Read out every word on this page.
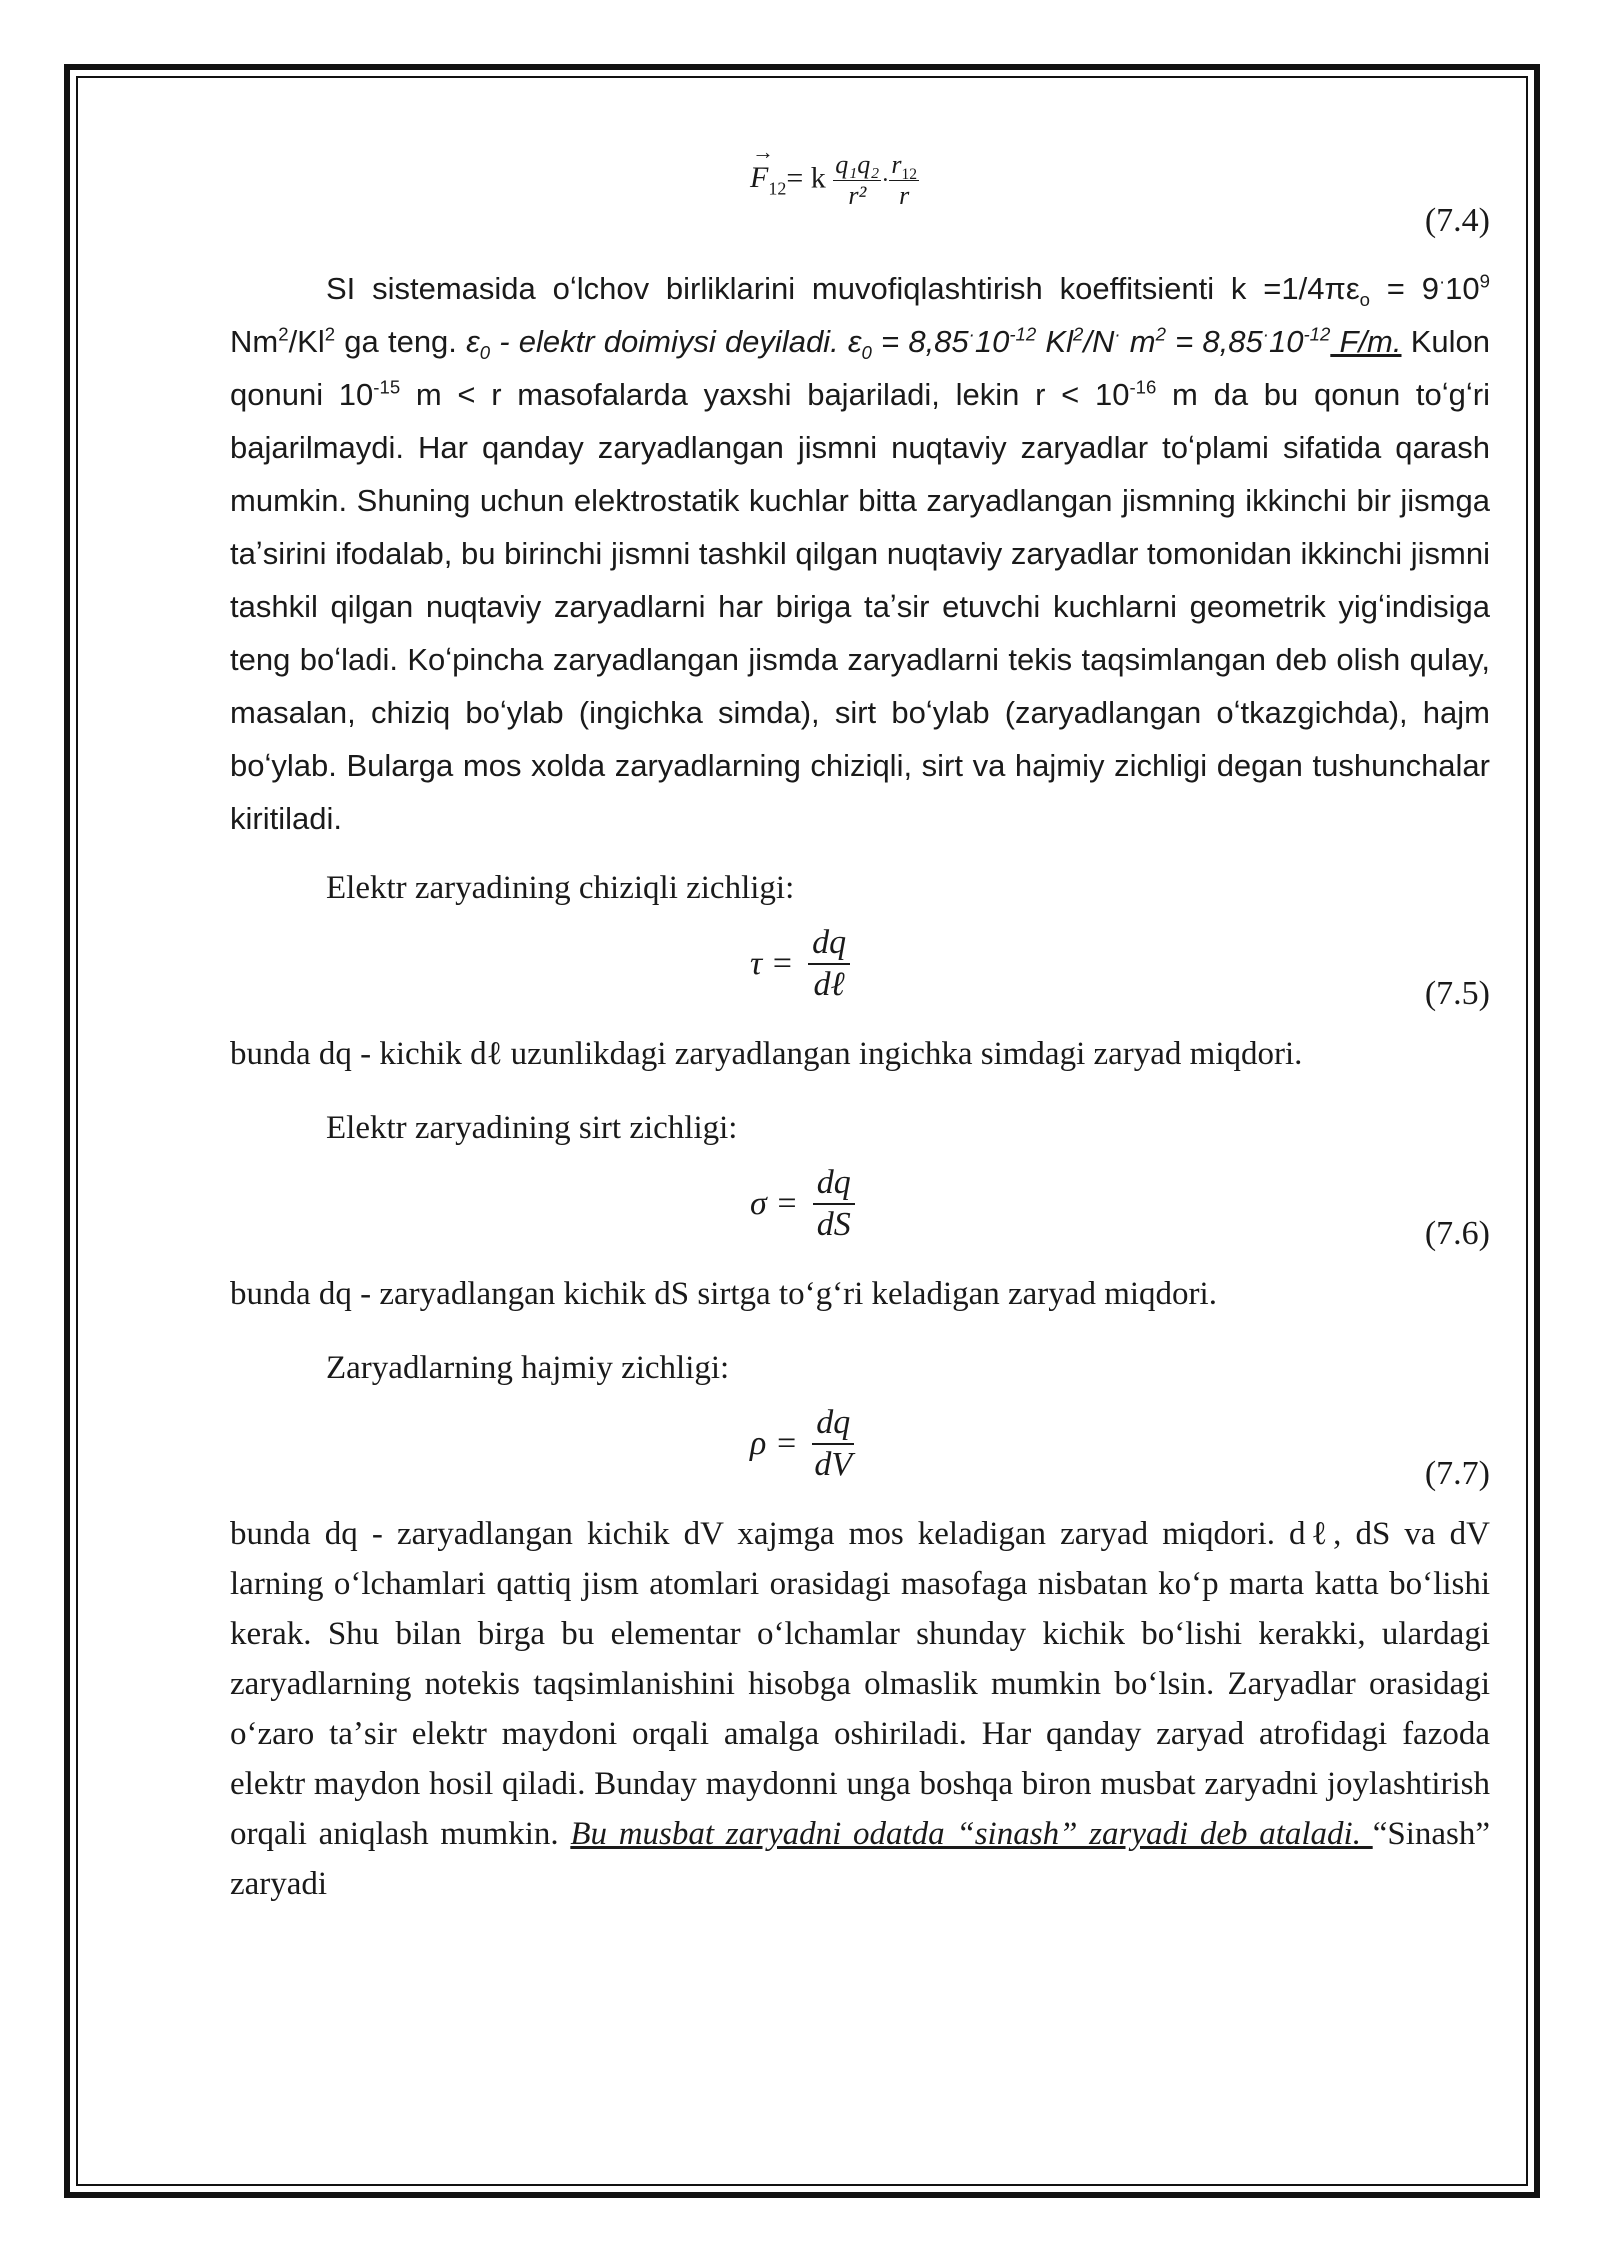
→
$F_{12}= k \frac{\text{q₁q₂}}{\text{r²}} \cdot \frac{r_{12}}{r}$
(7.4)

SI sistemasida oʻlchov birliklarini muvofiqlashtirish koeffitsienti $k =1/4\pi\varepsilon_o = 9^\cdot 10^9$ Nm$^2$/Kl$^2$ ga teng. $\varepsilon_0$ - elektr doimiysi deyiladi. $\varepsilon_0 = 8,85^\cdot 10^{-12}$ Kl$^2$/N· $m^2 = 8,85^\cdot 10^{-12}$ F/m. Kulon qonuni $10^{-15}$ m < r masofalarda yaxshi bajariladi, lekin $r < 10^{-16}$ m da bu qonun toʻgʻri bajarilmaydi. Har qanday zaryadlangan jismni nuqtaviy zaryadlar toʻplami sifatida qarash mumkin. Shuning uchun elektrostatik kuchlar bitta zaryadlangan jismning ikkinchi bir jismga taʼsirini ifodalab, bu birinchi jismni tashkil qilgan nuqtaviy zaryadlar tomonidan ikkinchi jismni tashkil qilgan nuqtaviy zaryadlarni har biriga taʼsir etuvchi kuchlarni geometrik yigʻindisiga teng boʻladi. Koʻpincha zaryadlangan jismda zaryadlarni tekis taqsimlangan deb olish qulay, masalan, chiziq boʻylab (ingichka simda), sirt boʻylab (zaryadlangan oʻtkazgichda), hajm boʻylab. Bularga mos xolda zaryadlarning chiziqli, sirt va hajmiy zichligi degan tushunchalar kiritiladi.

Elektr zaryadining chiziqli zichligi:

$\tau = \frac{dq}{\text{dℓ}}$	(7.5)

bunda dq - kichik dℓ uzunlikdagi zaryadlangan ingichka simdagi zaryad miqdori.

Elektr zaryadining sirt zichligi:

$\sigma = \frac{dq}{dS}$	(7.6)

bunda dq - zaryadlangan kichik dS sirtga toʻgʻri keladigan zaryad miqdori.

Zaryadlarning hajmiy zichligi:

$\rho = \frac{dq}{dV}$	(7.7)

bunda dq - zaryadlangan kichik dV xajmga mos keladigan zaryad miqdori. dℓ, dS va dV larning oʻlchamlari qattiq jism atomlari orasidagi masofaga nisbatan koʻp marta katta boʻlishi kerak. Shu bilan birga bu elementar oʻlchamlar shunday kichik boʻlishi kerakki, ulardagi zaryadlarning notekis taqsimlanishini hisobga olmaslik mumkin boʻlsin. Zaryadlar orasidagi oʻzaro taʼsir elektr maydoni orqali amalga oshiriladi. Har qanday zaryad atrofidagi fazoda elektr maydon hosil qiladi. Bunday maydonni unga boshqa biron musbat zaryadni joylashtirish orqali aniqlash mumkin. Bu musbat zaryadni odatda “sinash” zaryadi deb ataladi. “Sinash” zaryadi
